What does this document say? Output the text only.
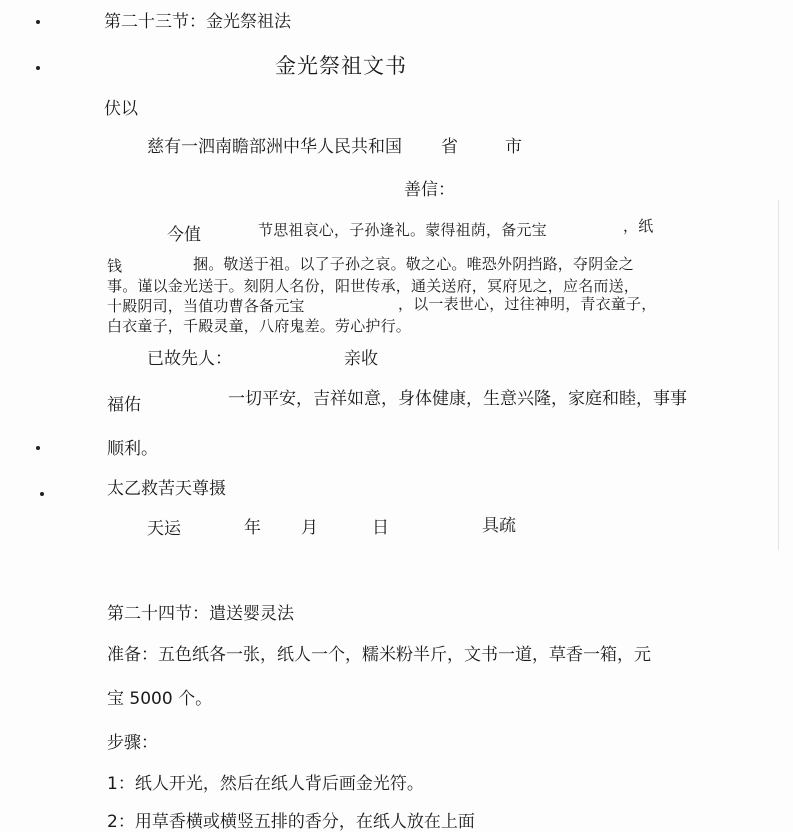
第二十三节：金光祭祖法
金光祭祖文书
伏以
慈有一泗南瞻部洲中华人民共和国 省	市
善信：
今值	节思祖哀心，子孙逢礼。蒙得祖荫，备元宝	，纸
钱	捆。敬送于祖。以了子孙之哀。敬之心。唯恐外阴挡路，夺阴金之
事。谨以金光送于。刻阴人名份，阳世传承，通关送府，冥府见之，应名而送，
十殿阴司，当值功曹各备元宝	，以一表世心，过往神明，青衣童子，
白衣童子，千殿灵童，八府鬼差。劳心护行。
已故先人：	亲收
福佑	一切平安，吉祥如意，身体健康，生意兴隆，家庭和睦，事事
顺利。
太乙救苦天尊摄
天运	年 月	日	具疏
第二十四节：遣送婴灵法
准备：五色纸各一张，纸人一个，糯米粉半斤，文书一道，草香一箱，元
宝 5000 个。
步骤：
1：纸人开光，然后在纸人背后画金光符。
2：用草香横或横竖五排的香分，在纸人放在上面
